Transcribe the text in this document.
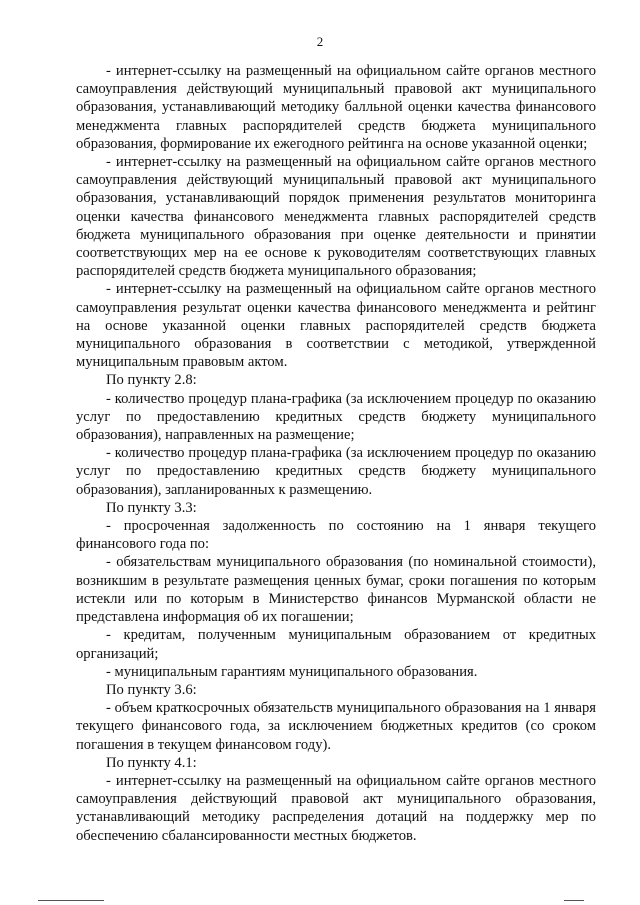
2

- интернет-ссылку на размещенный на официальном сайте органов местного самоуправления действующий муниципальный правовой акт муниципального образования, устанавливающий методику балльной оценки качества финансового менеджмента главных распорядителей средств бюджета муниципального образования, формирование их ежегодного рейтинга на основе указанной оценки;

- интернет-ссылку на размещенный на официальном сайте органов местного самоуправления действующий муниципальный правовой акт муниципального образования, устанавливающий порядок применения результатов мониторинга оценки качества финансового менеджмента главных распорядителей средств бюджета муниципального образования при оценке деятельности и принятии соответствующих мер на ее основе к руководителям соответствующих главных распорядителей средств бюджета муниципального образования;

- интернет-ссылку на размещенный на официальном сайте органов местного самоуправления результат оценки качества финансового менеджмента и рейтинг на основе указанной оценки главных распорядителей средств бюджета муниципального образования в соответствии с методикой, утвержденной муниципальным правовым актом.

По пункту 2.8:

- количество процедур плана-графика (за исключением процедур по оказанию услуг по предоставлению кредитных средств бюджету муниципального образования), направленных на размещение;

- количество процедур плана-графика (за исключением процедур по оказанию услуг по предоставлению кредитных средств бюджету муниципального образования), запланированных к размещению.

По пункту 3.3:

- просроченная задолженность по состоянию на 1 января текущего финансового года по:

- обязательствам муниципального образования (по номинальной стоимости), возникшим в результате размещения ценных бумаг, сроки погашения по которым истекли или по которым в Министерство финансов Мурманской области не представлена информация об их погашении;

- кредитам, полученным муниципальным образованием от кредитных организаций;

- муниципальным гарантиям муниципального образования.

По пункту 3.6:

- объем краткосрочных обязательств муниципального образования на 1 января текущего финансового года, за исключением бюджетных кредитов (со сроком погашения в текущем финансовом году).

По пункту 4.1:

- интернет-ссылку на размещенный на официальном сайте органов местного самоуправления действующий правовой акт муниципального образования, устанавливающий методику распределения дотаций на поддержку мер по обеспечению сбалансированности местных бюджетов.
